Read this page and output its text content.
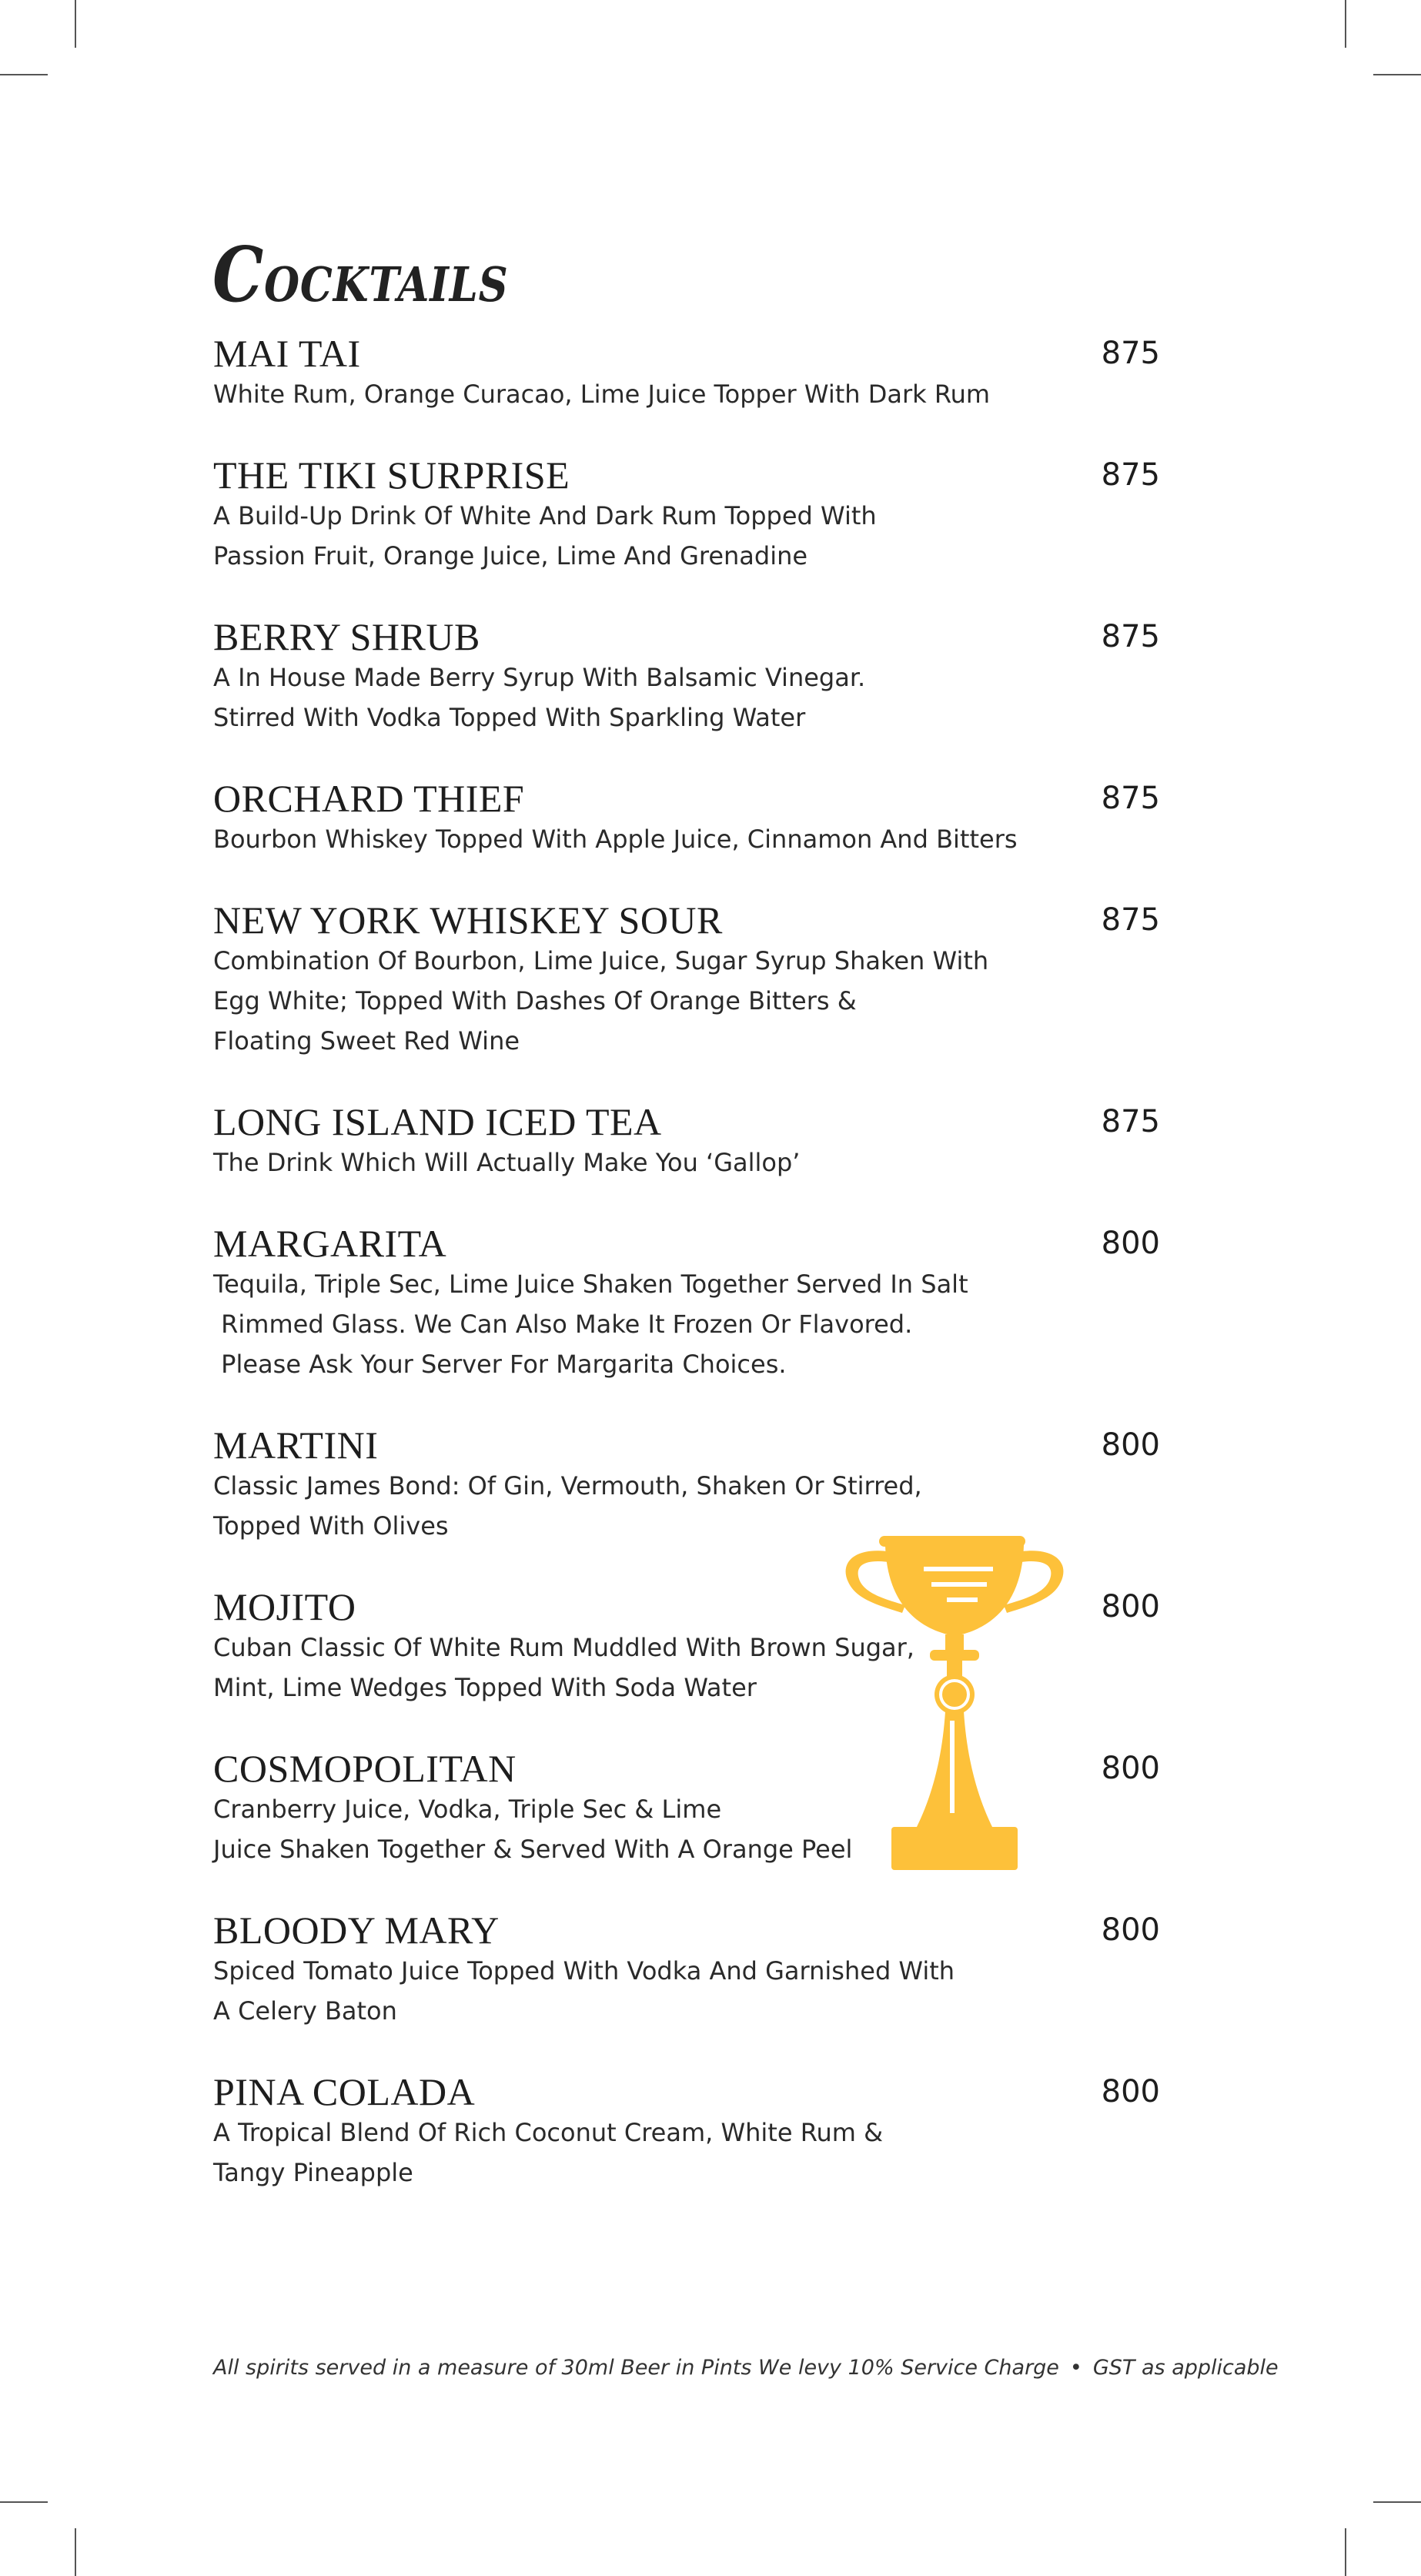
COCKTAILS
MAI TAI	875
White Rum, Orange Curacao, Lime Juice Topper With Dark Rum
THE TIKI SURPRISE	875
A Build-Up Drink Of White And Dark Rum Topped With
Passion Fruit, Orange Juice, Lime And Grenadine
BERRY SHRUB	875
A In House Made Berry Syrup With Balsamic Vinegar.
Stirred With Vodka Topped With Sparkling Water
ORCHARD THIEF	875
Bourbon Whiskey Topped With Apple Juice, Cinnamon And Bitters
NEW YORK WHISKEY SOUR	875
Combination Of Bourbon, Lime Juice, Sugar Syrup Shaken With
Egg White; Topped With Dashes Of Orange Bitters &
Floating Sweet Red Wine
LONG ISLAND ICED TEA	875
The Drink Which Will Actually Make You ‘Gallop’
MARGARITA	800
Tequila, Triple Sec, Lime Juice Shaken Together Served In Salt
Rimmed Glass. We Can Also Make It Frozen Or Flavored.
Please Ask Your Server For Margarita Choices.
MARTINI	800
Classic James Bond: Of Gin, Vermouth, Shaken Or Stirred,
Topped With Olives
MOJITO	800
Cuban Classic Of White Rum Muddled With Brown Sugar,
Mint, Lime Wedges Topped With Soda Water
COSMOPOLITAN	800
Cranberry Juice, Vodka, Triple Sec & Lime
Juice Shaken Together & Served With A Orange Peel
BLOODY MARY	800
Spiced Tomato Juice Topped With Vodka And Garnished With
A Celery Baton
PINA COLADA	800
A Tropical Blend Of Rich Coconut Cream, White Rum &
Tangy Pineapple
All spirits served in a measure of 30ml Beer in Pints We levy 10% Service Charge • GST as applicable
